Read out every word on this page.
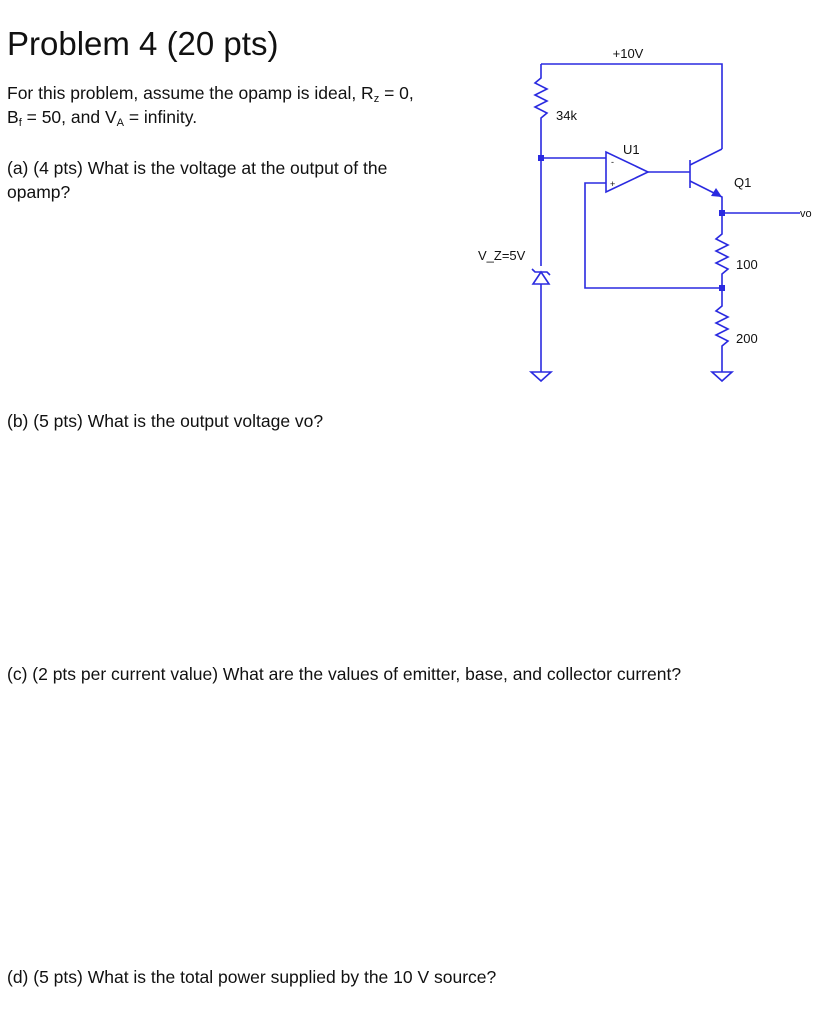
Problem 4 (20 pts)
For this problem, assume the opamp is ideal, $R_z = 0$,
$B_f = 50$, and $V_A$ = infinity.
(a) (4 pts) What is the voltage at the output of the
opamp?
(b) (5 pts) What is the output voltage vo?
(c) (2 pts per current value) What are the values of emitter, base, and collector current?
(d) (5 pts) What is the total power supplied by the 10 V source?
+10V
34k
U1
-
+	Q1
vo
100
200
V_Z=5V
